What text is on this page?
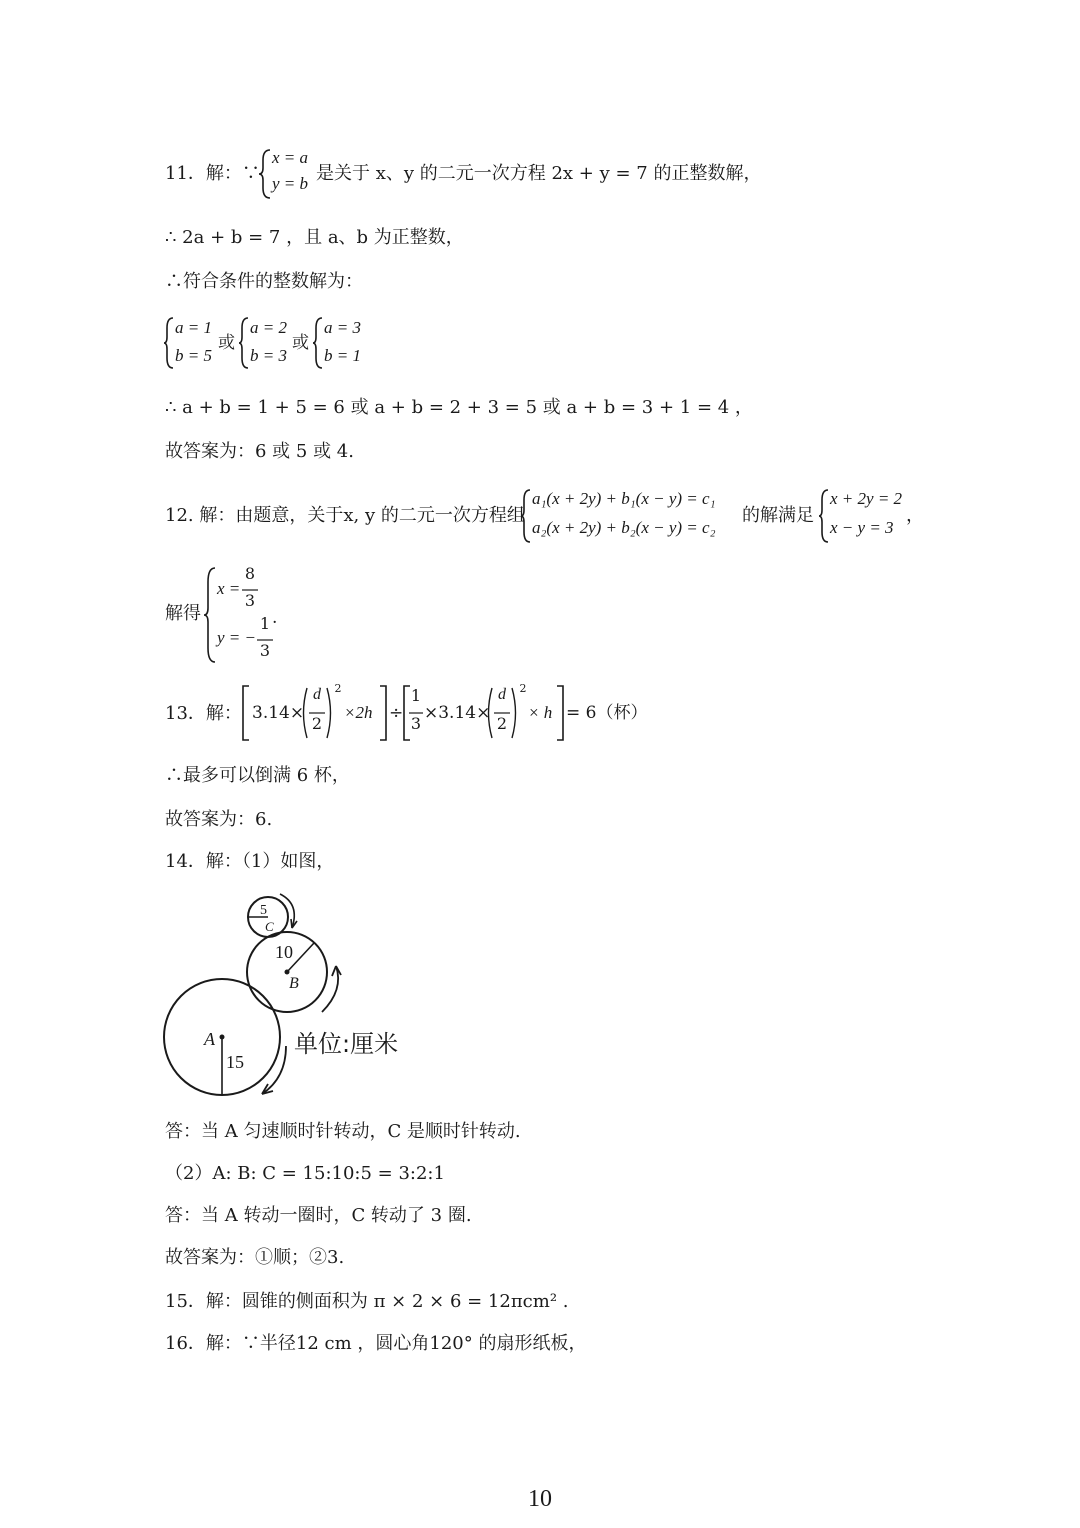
11．解：∵
x = a
y = b 是关于 x、y 的二元一次方程 2x + y = 7 的正整数解，
∴ 2a + b = 7 ，且 a、b 为正整数，
∴符合条件的整数解为：
a = 1
b = 5
或
a = 2
b = 3
或
a = 3
b = 1
∴ a + b = 1 + 5 = 6 或 a + b = 2 + 3 = 5 或 a + b = 3 + 1 = 4 ，
故答案为：6 或 5 或 4.
12. 解：由题意，关于x, y 的二元一次方程组
a₁(x + 2y) + b₁(x − y) = c₁
a₂(x + 2y) + b₂(x − y) = c₂
的解满足
x + 2y = 2
x − y = 3
，
解得
x =
8
3
y = −
1
3
.
13．解： 3.14×
d
2
2
×2h ÷
1
3
×3.14×
d
2
2
× h = 6（杯）
∴最多可以倒满 6 杯，
故答案为：6.
14．解：（1）如图，
5
C
10
B
A
15
单位:厘米
答：当 A 匀速顺时针转动，C 是顺时针转动.
（2）A: B: C = 15:10:5 = 3:2:1
答：当 A 转动一圈时，C 转动了 3 圈.
故答案为：①顺；②3.
15．解：圆锥的侧面积为 π × 2 × 6 = 12πcm² .
16．解：∵半径12 cm ，圆心角120° 的扇形纸板，
10
